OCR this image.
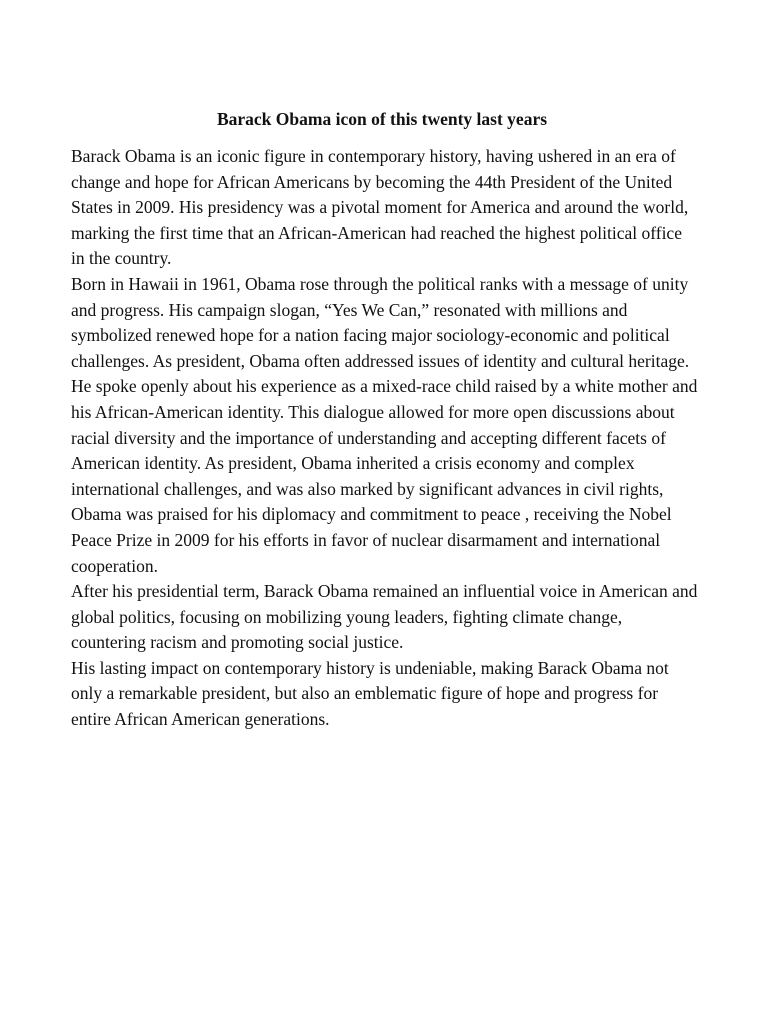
Barack Obama icon of this twenty last years

Barack Obama is an iconic figure in contemporary history, having ushered in an era of change and hope for African Americans by becoming the 44th President of the United States in 2009. His presidency was a pivotal moment for America and around the world, marking the first time that an African-American had reached the highest political office in the country.

Born in Hawaii in 1961, Obama rose through the political ranks with a message of unity and progress. His campaign slogan, “Yes We Can,” resonated with millions and symbolized renewed hope for a nation facing major sociology-economic and political challenges. As president, Obama often addressed issues of identity and cultural heritage. He spoke openly about his experience as a mixed-race child raised by a white mother and his African-American identity. This dialogue allowed for more open discussions about racial diversity and the importance of understanding and accepting different facets of American identity. As president, Obama inherited a crisis economy and complex international challenges, and was also marked by significant advances in civil rights, Obama was praised for his diplomacy and commitment to peace , receiving the Nobel Peace Prize in 2009 for his efforts in favor of nuclear disarmament and international cooperation.

After his presidential term, Barack Obama remained an influential voice in American and global politics, focusing on mobilizing young leaders, fighting climate change, countering racism and promoting social justice.

His lasting impact on contemporary history is undeniable, making Barack Obama not only a remarkable president, but also an emblematic figure of hope and progress for entire African American generations.
